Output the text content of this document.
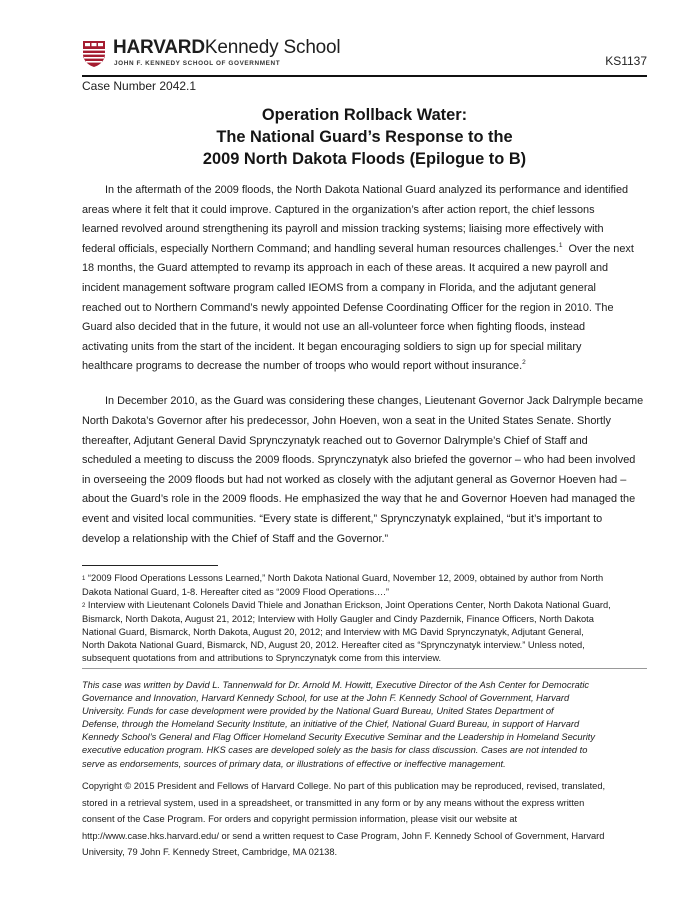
HARVARDKennedy School
JOHN F. KENNEDY SCHOOL OF GOVERNMENT	KS1137
Case Number 2042.1
Operation Rollback Water:
The National Guard’s Response to the
2009 North Dakota Floods (Epilogue to B)

In the aftermath of the 2009 floods, the North Dakota National Guard analyzed its performance and identified
areas where it felt that it could improve. Captured in the organization’s after action report, the chief lessons
learned revolved around strengthening its payroll and mission tracking systems; liaising more effectively with
federal officials, especially Northern Command; and handling several human resources challenges.$^1$  Over the next
18 months, the Guard attempted to revamp its approach in each of these areas. It acquired a new payroll and
incident management software program called IEOMS from a company in Florida, and the adjutant general
reached out to Northern Command’s newly appointed Defense Coordinating Officer for the region in 2010. The
Guard also decided that in the future, it would not use an all-volunteer force when fighting floods, instead
activating units from the start of the incident. It began encouraging soldiers to sign up for special military
healthcare programs to decrease the number of troops who would report without insurance.$^2$

In December 2010, as the Guard was considering these changes, Lieutenant Governor Jack Dalrymple became
North Dakota’s Governor after his predecessor, John Hoeven, won a seat in the United States Senate. Shortly
thereafter, Adjutant General David Sprynczynatyk reached out to Governor Dalrymple’s Chief of Staff and
scheduled a meeting to discuss the 2009 floods. Sprynczynatyk also briefed the governor – who had been involved
in overseeing the 2009 floods but had not worked as closely with the adjutant general as Governor Hoeven had –
about the Guard’s role in the 2009 floods. He emphasized the way that he and Governor Hoeven had managed the
event and visited local communities. “Every state is different,” Sprynczynatyk explained, “but it’s important to
develop a relationship with the Chief of Staff and the Governor.”

1 “2009 Flood Operations Lessons Learned,” North Dakota National Guard, November 12, 2009, obtained by author from North
Dakota National Guard, 1-8. Hereafter cited as “2009 Flood Operations….”
2 Interview with Lieutenant Colonels David Thiele and Jonathan Erickson, Joint Operations Center, North Dakota National Guard,
Bismarck, North Dakota, August 21, 2012; Interview with Holly Gaugler and Cindy Pazdernik, Finance Officers, North Dakota
National Guard, Bismarck, North Dakota, August 20, 2012; and Interview with MG David Sprynczynatyk, Adjutant General,
North Dakota National Guard, Bismarck, ND, August 20, 2012. Hereafter cited as “Sprynczynatyk interview.” Unless noted,
subsequent quotations from and attributions to Sprynczynatyk come from this interview.
This case was written by David L. Tannenwald for Dr. Arnold M. Howitt, Executive Director of the Ash Center for Democratic
Governance and Innovation, Harvard Kennedy School, for use at the John F. Kennedy School of Government, Harvard
University. Funds for case development were provided by the National Guard Bureau, United States Department of
Defense, through the Homeland Security Institute, an initiative of the Chief, National Guard Bureau, in support of Harvard
Kennedy School’s General and Flag Officer Homeland Security Executive Seminar and the Leadership in Homeland Security
executive education program. HKS cases are developed solely as the basis for class discussion. Cases are not intended to
serve as endorsements, sources of primary data, or illustrations of effective or ineffective management.
Copyright © 2015 President and Fellows of Harvard College. No part of this publication may be reproduced, revised, translated,
stored in a retrieval system, used in a spreadsheet, or transmitted in any form or by any means without the express written
consent of the Case Program. For orders and copyright permission information, please visit our website at
http://www.case.hks.harvard.edu/ or send a written request to Case Program, John F. Kennedy School of Government, Harvard
University, 79 John F. Kennedy Street, Cambridge, MA 02138.
